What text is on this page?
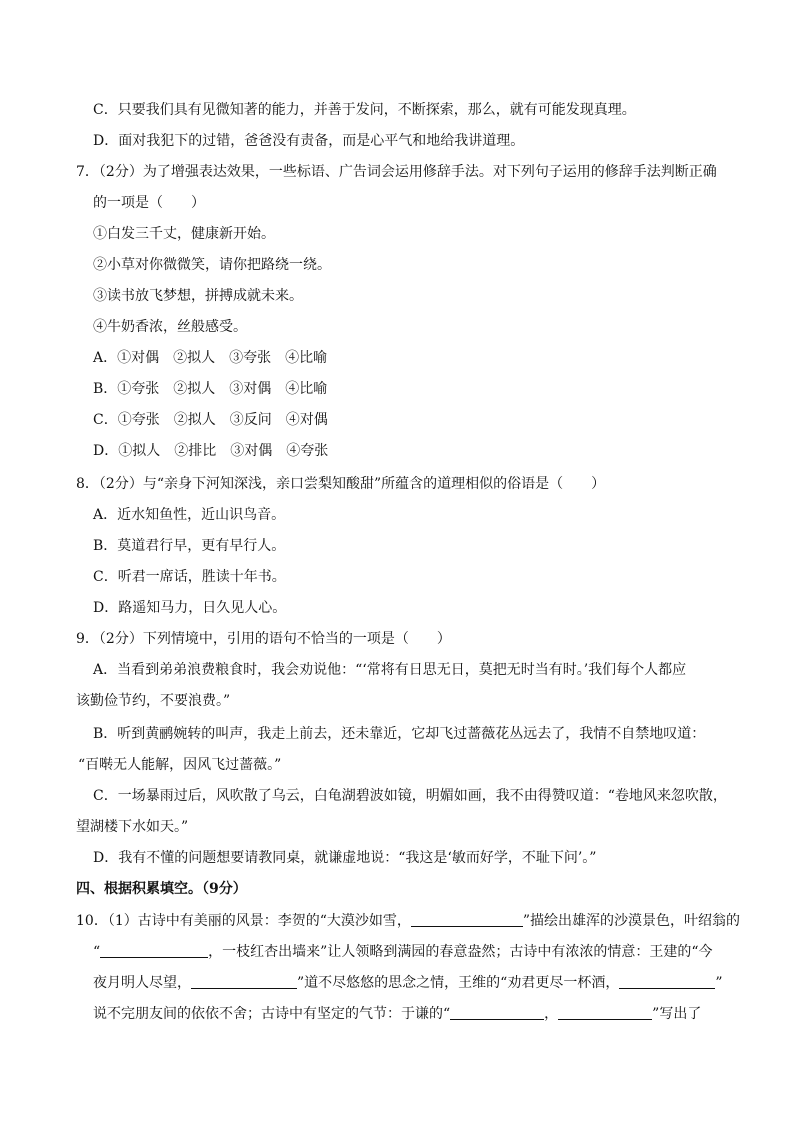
C．只要我们具有见微知著的能力，并善于发问，不断探索，那么，就有可能发现真理。
D．面对我犯下的过错，爸爸没有责备，而是心平气和地给我讲道理。
7．（2分）为了增强表达效果，一些标语、广告词会运用修辞手法。对下列句子运用的修辞手法判断正确
的一项是（　　）
①白发三千丈，健康新开始。
②小草对你微微笑，请你把路绕一绕。
③读书放飞梦想，拼搏成就未来。
④牛奶香浓，丝般感受。
A．①对偶　②拟人　③夸张　④比喻
B．①夸张　②拟人　③对偶　④比喻
C．①夸张　②拟人　③反问　④对偶
D．①拟人　②排比　③对偶　④夸张
8．（2分）与“亲身下河知深浅，亲口尝梨知酸甜”所蕴含的道理相似的俗语是（　　）
A．近水知鱼性，近山识鸟音。
B．莫道君行早，更有早行人。
C．听君一席话，胜读十年书。
D．路遥知马力，日久见人心。
9．（2分）下列情境中，引用的语句不恰当的一项是（　　）
A．当看到弟弟浪费粮食时，我会劝说他：“‘常将有日思无日，莫把无时当有时。’我们每个人都应
该勤俭节约，不要浪费。”
B．听到黄鹂婉转的叫声，我走上前去，还未靠近，它却飞过蔷薇花丛远去了，我情不自禁地叹道：
“百啭无人能解，因风飞过蔷薇。”
C．一场暴雨过后，风吹散了乌云，白龟湖碧波如镜，明媚如画，我不由得赞叹道：“卷地风来忽吹散，
望湖楼下水如天。”
D．我有不懂的问题想要请教同桌，就谦虚地说：“我这是‘敏而好学，不耻下问’。”
四、根据积累填空。（9分）
10．（1）古诗中有美丽的风景：李贺的“大漠沙如雪，	”描绘出雄浑的沙漠景色，叶绍翁的
“	，一枝红杏出墙来”让人领略到满园的春意盎然；古诗中有浓浓的情意：王建的“今
夜月明人尽望，	”道不尽悠悠的思念之情，王维的“劝君更尽一杯酒，	”
说不完朋友间的依依不舍；古诗中有坚定的气节：于谦的“	，	”写出了
